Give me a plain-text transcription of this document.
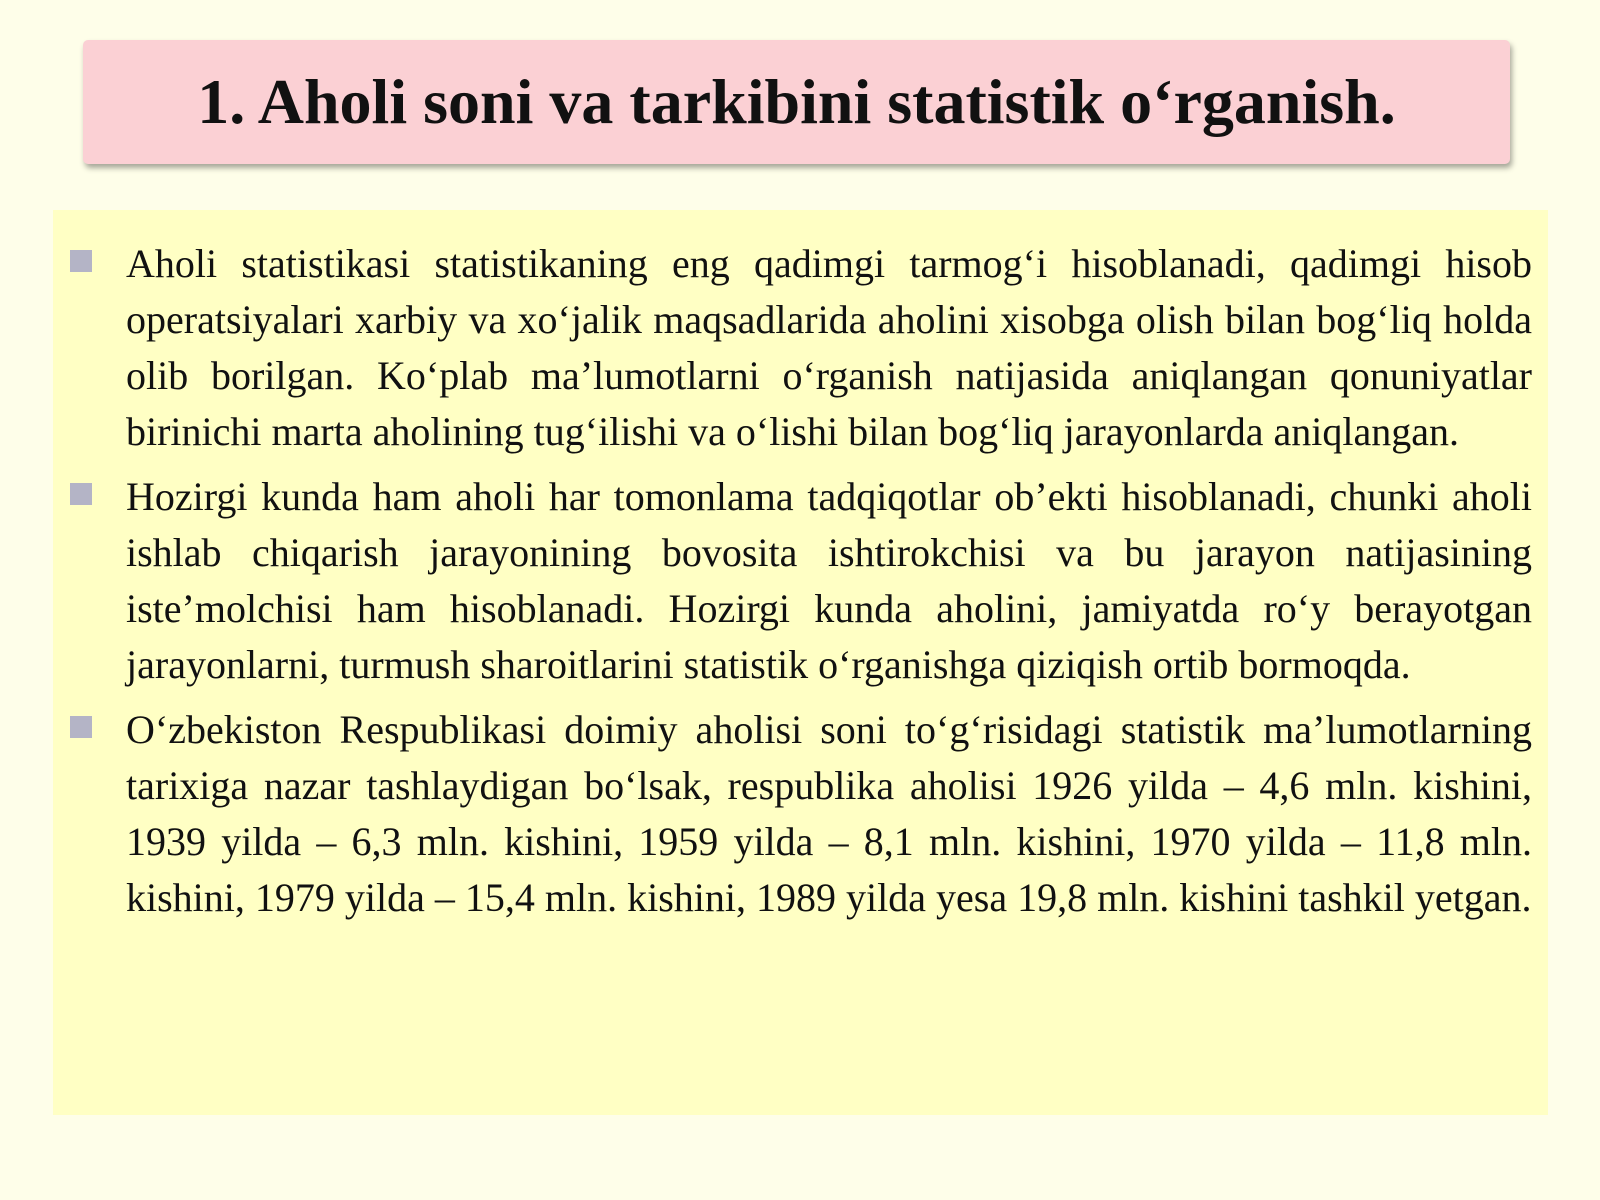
1. Aholi soni va tarkibini statistik o‘rganish.
Aholi statistikasi statistikaning eng qadimgi tarmog‘i hisoblanadi, qadimgi hisob operatsiyalari xarbiy va xo‘jalik maqsadlarida aholini xisobga olish bilan bog‘liq holda olib borilgan. Ko‘plab ma’lumotlarni o‘rganish natijasida aniqlangan qonuniyatlar birinichi marta aholining tug‘ilishi va o‘lishi bilan bog‘liq jarayonlarda aniqlangan.
Hozirgi kunda ham aholi har tomonlama tadqiqotlar ob’ekti hisoblanadi, chunki aholi ishlab chiqarish jarayonining bovosita ishtirokchisi va bu jarayon natijasining iste’molchisi ham hisoblanadi. Hozirgi kunda aholini, jamiyatda ro‘y berayotgan jarayonlarni, turmush sharoitlarini statistik o‘rganishga qiziqish ortib bormoqda.
O‘zbekiston Respublikasi doimiy aholisi soni to‘g‘risidagi statistik ma’lumotlarning tarixiga nazar tashlaydigan bo‘lsak, respublika aholisi 1926 yilda – 4,6 mln. kishini, 1939 yilda – 6,3 mln. kishini, 1959 yilda – 8,1 mln. kishini, 1970 yilda – 11,8 mln. kishini, 1979 yilda – 15,4 mln. kishini, 1989 yilda yesa 19,8 mln. kishini tashkil yetgan.
